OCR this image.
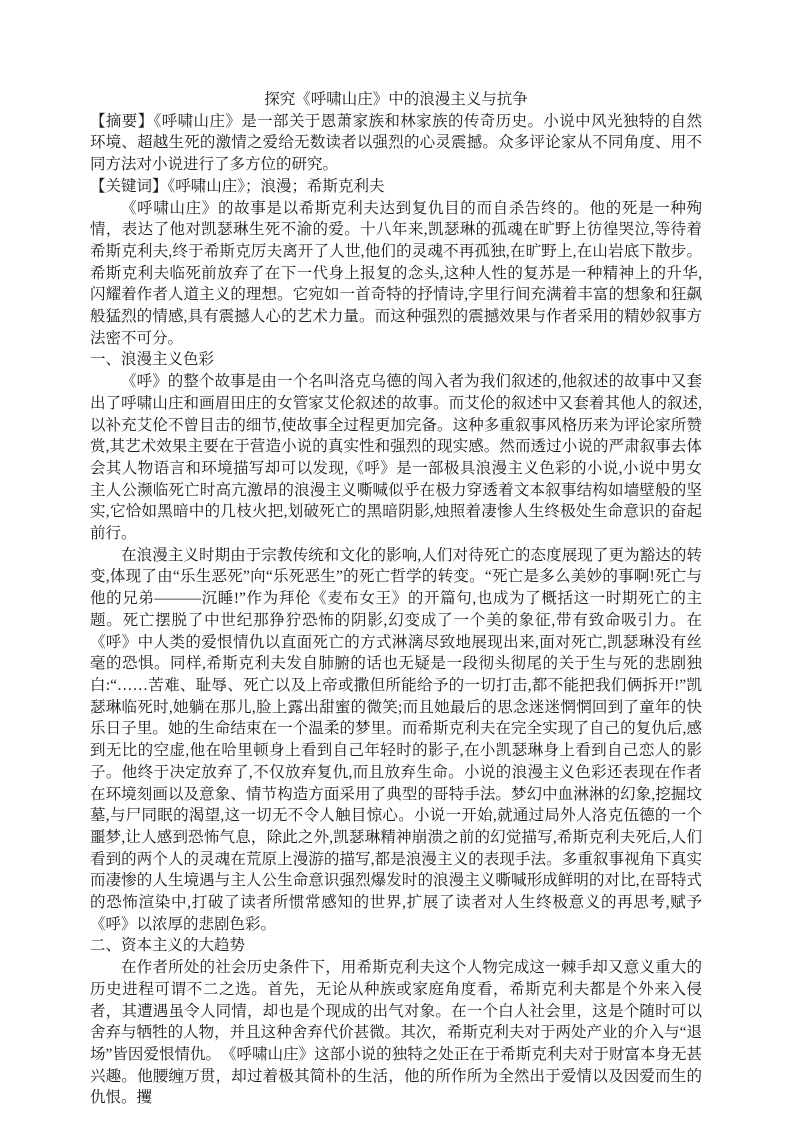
探究《呼啸山庄》中的浪漫主义与抗争

【摘要】《呼啸山庄》是一部关于恩萧家族和林家族的传奇历史。小说中风光独特的自然环境、超越生死的激情之爱给无数读者以强烈的心灵震撼。众多评论家从不同角度、用不同方法对小说进行了多方位的研究。

【关键词】《呼啸山庄》；浪漫；希斯克利夫

《呼啸山庄》的故事是以希斯克利夫达到复仇目的而自杀告终的。他的死是一种殉情，表达了他对凯瑟琳生死不渝的爱。十八年来,凯瑟琳的孤魂在旷野上彷徨哭泣,等待着希斯克利夫,终于希斯克厉夫离开了人世,他们的灵魂不再孤独,在旷野上,在山岩底下散步。希斯克利夫临死前放弃了在下一代身上报复的念头,这种人性的复苏是一种精神上的升华,闪耀着作者人道主义的理想。它宛如一首奇特的抒情诗,字里行间充满着丰富的想象和狂飙般猛烈的情感,具有震撼人心的艺术力量。而这种强烈的震撼效果与作者采用的精妙叙事方法密不可分。

一、浪漫主义色彩

《呼》的整个故事是由一个名叫洛克乌德的闯入者为我们叙述的,他叙述的故事中又套出了呼啸山庄和画眉田庄的女管家艾伦叙述的故事。而艾伦的叙述中又套着其他人的叙述,以补充艾伦不曾目击的细节,使故事全过程更加完备。这种多重叙事风格历来为评论家所赞赏,其艺术效果主要在于营造小说的真实性和强烈的现实感。然而透过小说的严肃叙事去体会其人物语言和环境描写却可以发现,《呼》是一部极具浪漫主义色彩的小说,小说中男女主人公濒临死亡时高亢激昂的浪漫主义嘶喊似乎在极力穿透着文本叙事结构如墙壁般的坚实,它恰如黑暗中的几枝火把,划破死亡的黑暗阴影,烛照着凄惨人生终极处生命意识的奋起前行。

在浪漫主义时期由于宗教传统和文化的影响,人们对待死亡的态度展现了更为豁达的转变,体现了由“乐生恶死”向“乐死恶生”的死亡哲学的转变。“死亡是多么美妙的事啊!死亡与他的兄弟———沉睡!”作为拜伦《麦布女王》的开篇句,也成为了概括这一时期死亡的主题。死亡摆脱了中世纪那狰狞恐怖的阴影,幻变成了一个美的象征,带有致命吸引力。在《呼》中人类的爱恨情仇以直面死亡的方式淋漓尽致地展现出来,面对死亡,凯瑟琳没有丝毫的恐惧。同样,希斯克利夫发自肺腑的话也无疑是一段彻头彻尾的关于生与死的悲剧独白:“……苦难、耻辱、死亡以及上帝或撒但所能给予的一切打击,都不能把我们俩拆开!”凯瑟琳临死时,她躺在那儿,脸上露出甜蜜的微笑;而且她最后的思念迷迷惘惘回到了童年的快乐日子里。她的生命结束在一个温柔的梦里。而希斯克利夫在完全实现了自己的复仇后,感到无比的空虚,他在哈里顿身上看到自己年轻时的影子,在小凯瑟琳身上看到自己恋人的影子。他终于决定放弃了,不仅放弃复仇,而且放弃生命。小说的浪漫主义色彩还表现在作者在环境刻画以及意象、情节构造方面采用了典型的哥特手法。梦幻中血淋淋的幻象,挖掘坟墓,与尸同眠的渴望,这一切无不令人触目惊心。小说一开始,就通过局外人洛克伍德的一个噩梦,让人感到恐怖气息，除此之外,凯瑟琳精神崩溃之前的幻觉描写,希斯克利夫死后,人们看到的两个人的灵魂在荒原上漫游的描写,都是浪漫主义的表现手法。多重叙事视角下真实而凄惨的人生境遇与主人公生命意识强烈爆发时的浪漫主义嘶喊形成鲜明的对比,在哥特式的恐怖渲染中,打破了读者所惯常感知的世界,扩展了读者对人生终极意义的再思考,赋予《呼》以浓厚的悲剧色彩。

二、资本主义的大趋势

在作者所处的社会历史条件下，用希斯克利夫这个人物完成这一棘手却又意义重大的历史进程可谓不二之选。首先，无论从种族或家庭角度看，希斯克利夫都是个外来入侵者，其遭遇虽令人同情，却也是个现成的出气对象。在一个白人社会里，这是个随时可以舍弃与牺牲的人物，并且这种舍弃代价甚微。其次，希斯克利夫对于两处产业的介入与“退场”皆因爱恨情仇。　《呼啸山庄》这部小说的独特之处正在于希斯克利夫对于财富本身无甚兴趣。他腰缠万贯，却过着极其简朴的生活，他的所作所为全然出于爱情以及因爱而生的仇恨。攫
